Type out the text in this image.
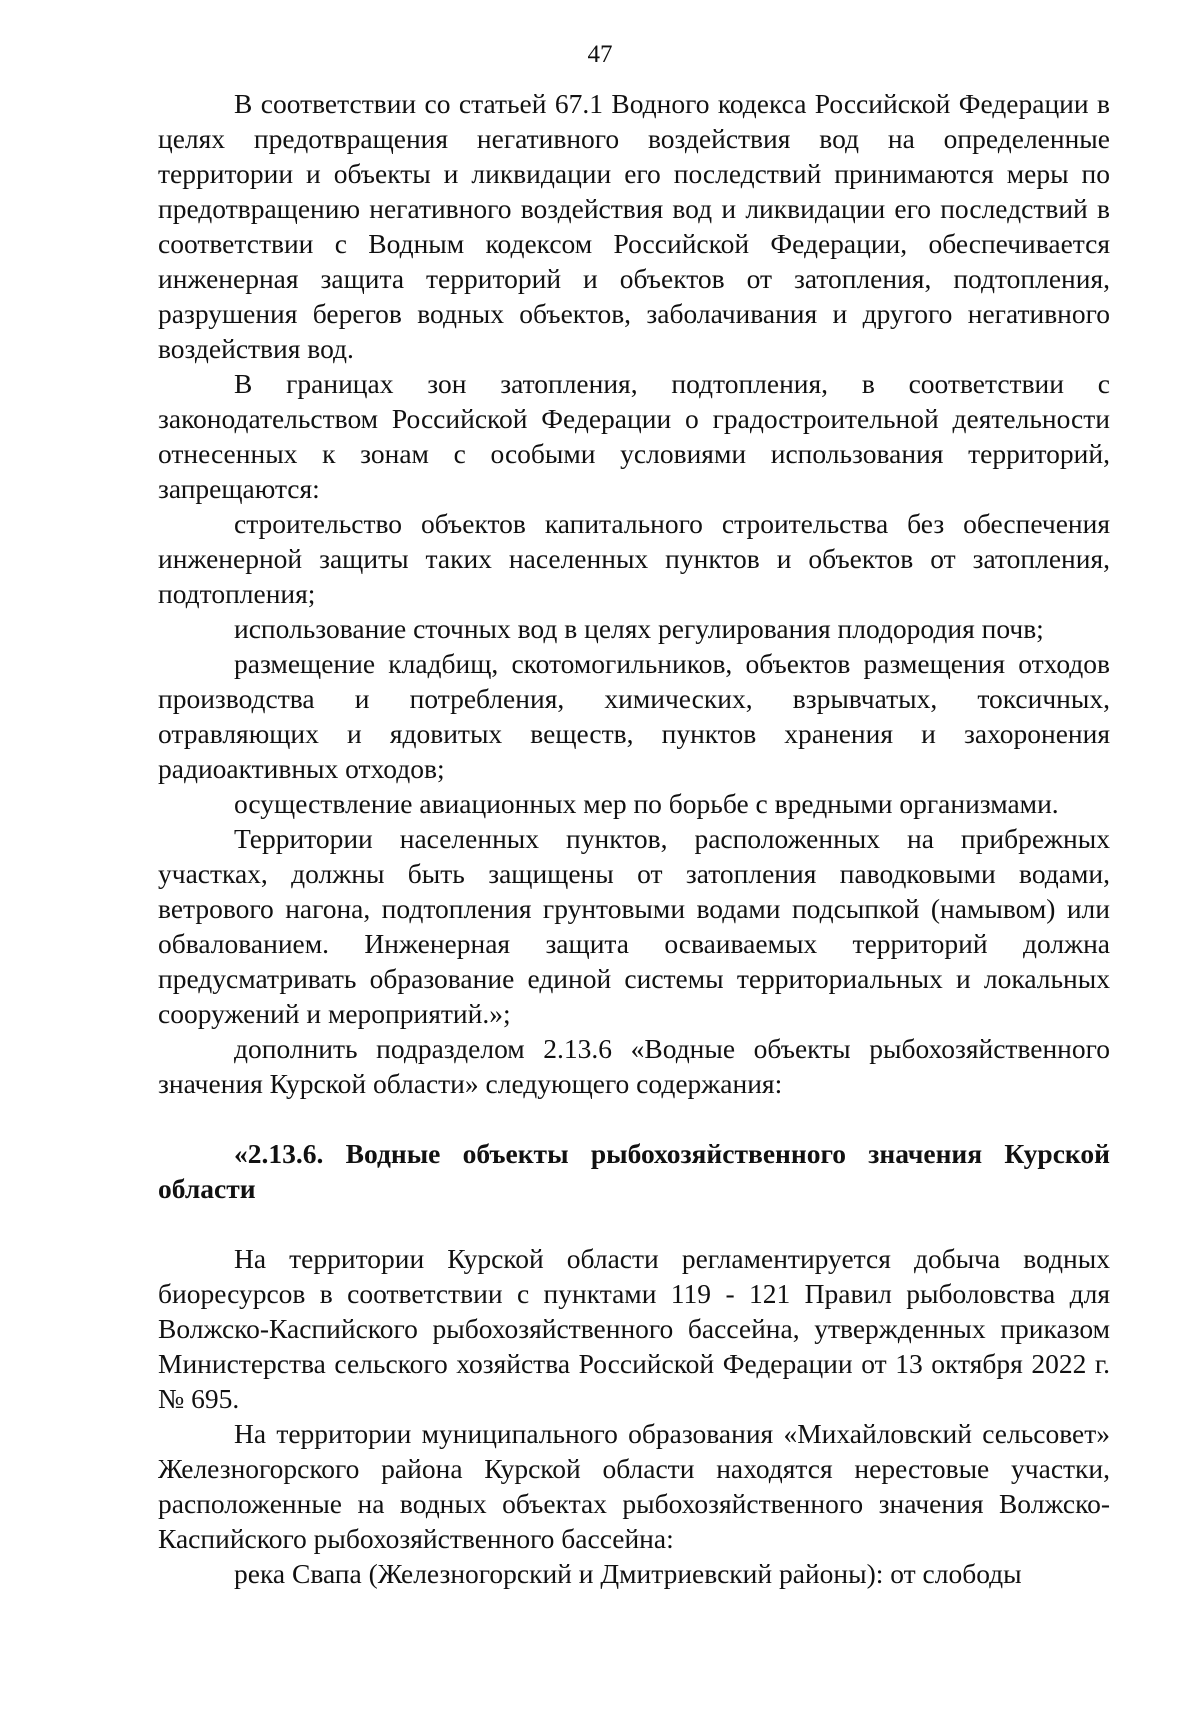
47

В соответствии со статьей 67.1 Водного кодекса Российской Федерации в целях предотвращения негативного воздействия вод на определенные территории и объекты и ликвидации его последствий принимаются меры по предотвращению негативного воздействия вод и ликвидации его последствий в соответствии с Водным кодексом Российской Федерации, обеспечивается инженерная защита территорий и объектов от затопления, подтопления, разрушения берегов водных объектов, заболачивания и другого негативного воздействия вод.

В границах зон затопления, подтопления, в соответствии с законодательством Российской Федерации о градостроительной деятельности отнесенных к зонам с особыми условиями использования территорий, запрещаются:

строительство объектов капитального строительства без обеспечения инженерной защиты таких населенных пунктов и объектов от затопления, подтопления;

использование сточных вод в целях регулирования плодородия почв;

размещение кладбищ, скотомогильников, объектов размещения отходов производства и потребления, химических, взрывчатых, токсичных, отравляющих и ядовитых веществ, пунктов хранения и захоронения радиоактивных отходов;

осуществление авиационных мер по борьбе с вредными организмами.

Территории населенных пунктов, расположенных на прибрежных участках, должны быть защищены от затопления паводковыми водами, ветрового нагона, подтопления грунтовыми водами подсыпкой (намывом) или обвалованием. Инженерная защита осваиваемых территорий должна предусматривать образование единой системы территориальных и локальных сооружений и мероприятий.»;

дополнить подразделом 2.13.6 «Водные объекты рыбохозяйственного значения Курской области» следующего содержания:

«2.13.6. Водные объекты рыбохозяйственного значения Курской области

На территории Курской области регламентируется добыча водных биоресурсов в соответствии с пунктами 119 - 121 Правил рыболовства для Волжско-Каспийского рыбохозяйственного бассейна, утвержденных приказом Министерства сельского хозяйства Российской Федерации от 13 октября 2022 г. № 695.

На территории муниципального образования «Михайловский сельсовет» Железногорского района Курской области находятся нерестовые участки, расположенные на водных объектах рыбохозяйственного значения Волжско-Каспийского рыбохозяйственного бассейна:

река Свапа (Железногорский и Дмитриевский районы): от слободы
